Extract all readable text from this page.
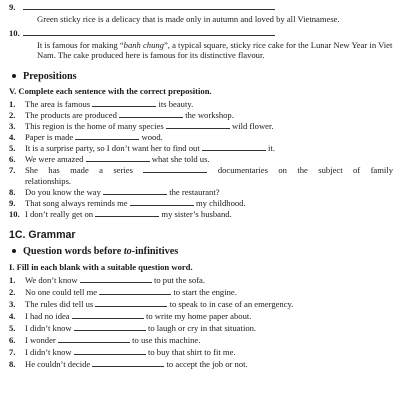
9.
Green sticky rice is a delicacy that is made only in autumn and loved by all Vietnamese.
10.
It is famous for making “banh chung”, a typical square, sticky rice cake for the Lunar New Year in Viet Nam. The cake produced here is famous for its distinctive flavour.
Prepositions
V. Complete each sentence with the correct preposition.
1. The area is famous	its beauty.
2. The products are produced	the workshop.
3. This region is the home of many species	wild flower.
4. Paper is made	wood.
5. It is a surprise party, so I don’t want her to find out	it.
6. We were amazed	what she told us.
7. She has made a series	documentaries on the subject of family
relationships.
8. Do you know the way	the restaurant?
9. That song always reminds me	my childhood.
10. I don’t really get on	my sister’s husband.
1C. Grammar
Question words before to-infinitives
I. Fill in each blank with a suitable question word.
1. We don’t know	to put the sofa.
2. No one could tell me	to start the engine.
3. The rules did tell us	to speak to in case of an emergency.
4. I had no idea	to write my home paper about.
5. I didn’t know	to laugh or cry in that situation.
6. I wonder	to use this machine.
7. I didn’t know	to buy that shirt to fit me.
8. He couldn’t decide	to accept the job or not.
